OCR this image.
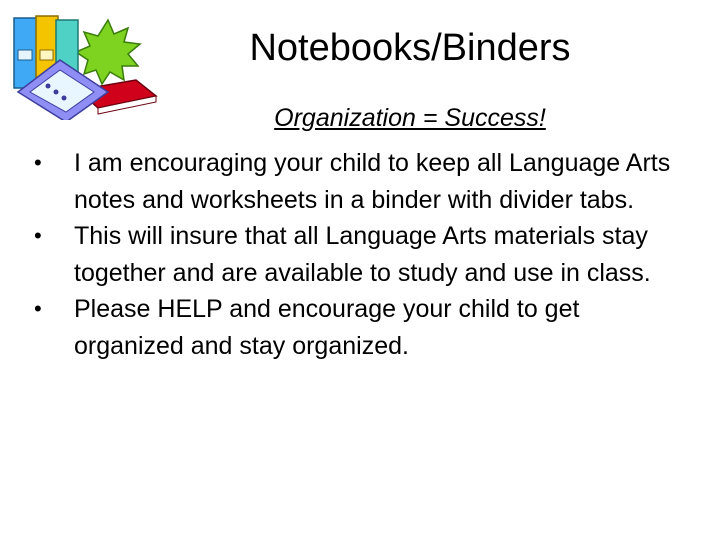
Notebooks/Binders
Organization = Success!
•	I am encouraging your child to keep all Language Arts notes and worksheets in a binder with divider tabs.
•	This will insure that all Language Arts materials stay together and are available to study and use in class.
•	Please HELP and encourage your child to get organized and stay organized.
